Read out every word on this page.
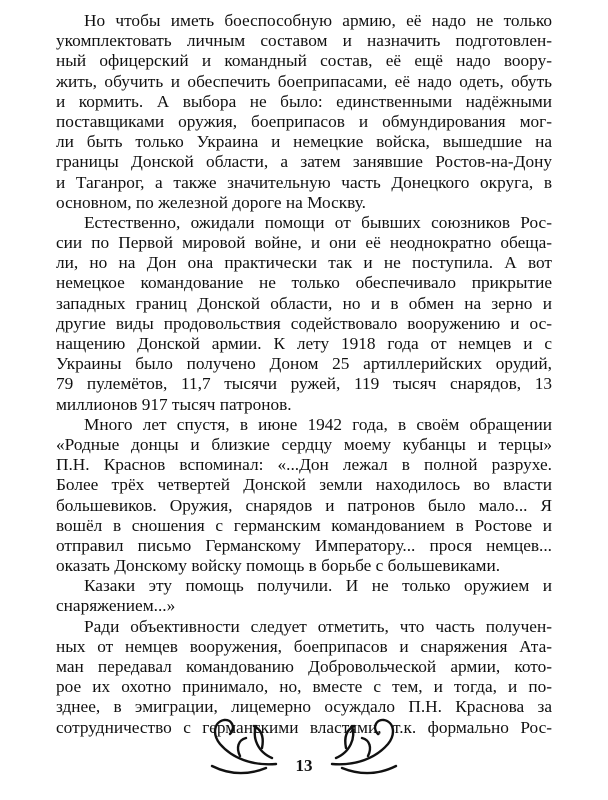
Но чтобы иметь боеспособную армию, её надо не только
укомплектовать личным составом и назначить подготовлен-
ный офицерский и командный состав, её ещё надо воору-
жить, обучить и обеспечить боеприпасами, её надо одеть, обуть
и кормить. А выбора не было: единственными надёжными
поставщиками оружия, боеприпасов и обмундирования мог-
ли быть только Украина и немецкие войска, вышедшие на
границы Донской области, а затем занявшие Ростов-на-Дону
и Таганрог, а также значительную часть Донецкого округа, в
основном, по железной дороге на Москву.
Естественно, ожидали помощи от бывших союзников Рос-
сии по Первой мировой войне, и они её неоднократно обеща-
ли, но на Дон она практически так и не поступила. А вот
немецкое командование не только обеспечивало прикрытие
западных границ Донской области, но и в обмен на зерно и
другие виды продовольствия содействовало вооружению и ос-
нащению Донской армии. К лету 1918 года от немцев и с
Украины было получено Доном 25 артиллерийских орудий,
79 пулемётов, 11,7 тысячи ружей, 119 тысяч снарядов, 13
миллионов 917 тысяч патронов.
Много лет спустя, в июне 1942 года, в своём обращении
«Родные донцы и близкие сердцу моему кубанцы и терцы»
П.Н. Краснов вспоминал: «...Дон лежал в полной разрухе.
Более трёх четвертей Донской земли находилось во власти
большевиков. Оружия, снарядов и патронов было мало... Я
вошёл в сношения с германским командованием в Ростове и
отправил письмо Германскому Императору... прося немцев...
оказать Донскому войску помощь в борьбе с большевиками.
Казаки эту помощь получили. И не только оружием и
снаряжением...»
Ради объективности следует отметить, что часть получен-
ных от немцев вооружения, боеприпасов и снаряжения Ата-
ман передавал командованию Добровольческой армии, кото-
рое их охотно принимало, но, вместе с тем, и тогда, и по-
зднее, в эмиграции, лицемерно осуждало П.Н. Краснова за
сотрудничество с германскими властями, т.к. формально Рос-
13
